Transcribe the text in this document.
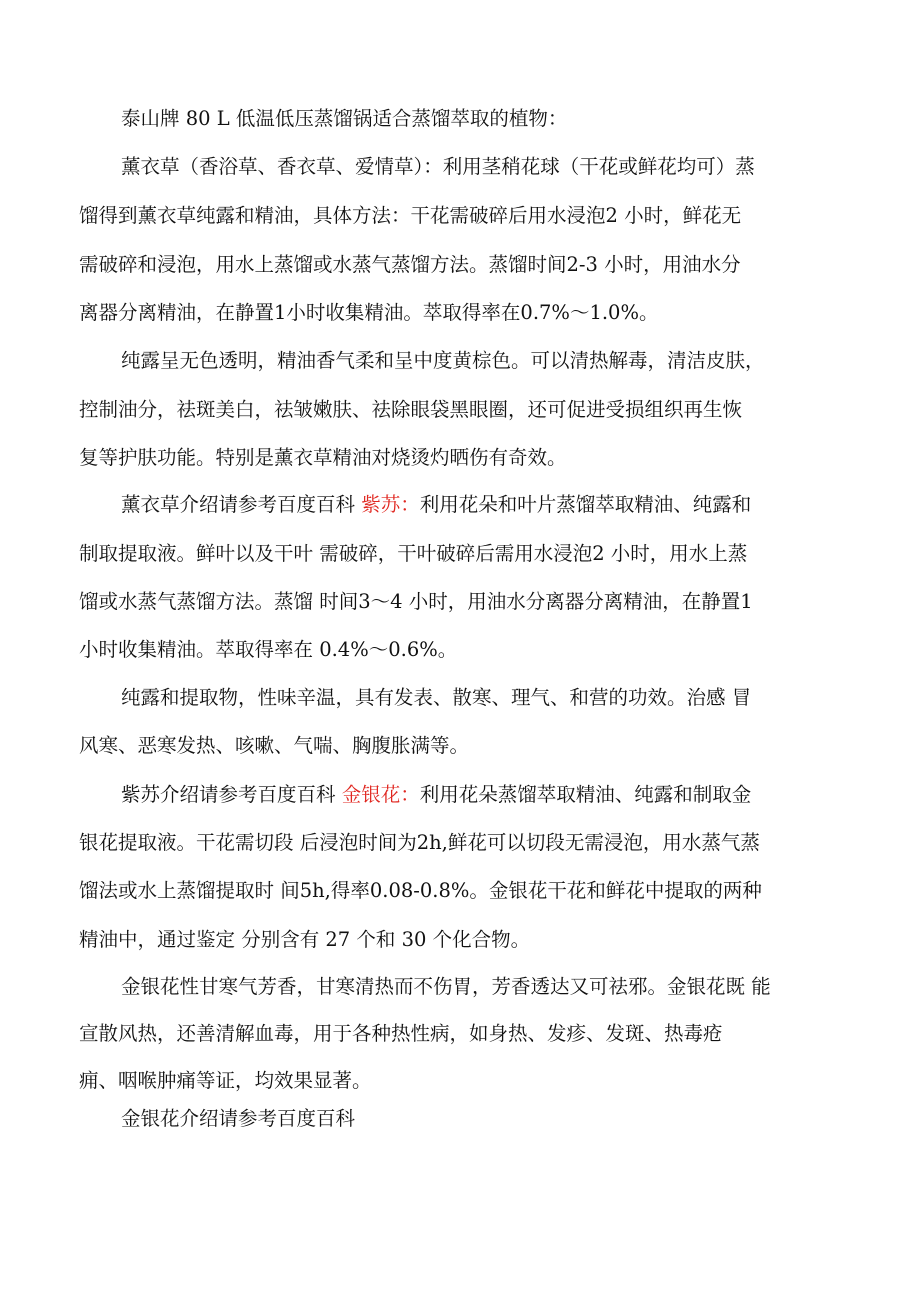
泰山牌 80 L 低温低压蒸馏锅适合蒸馏萃取的植物：
薰衣草（香浴草、香衣草、爱情草）：利用茎稍花球（干花或鲜花均可）蒸
馏得到薰衣草纯露和精油，具体方法：干花需破碎后用水浸泡2 小时，鲜花无
需破碎和浸泡，用水上蒸馏或水蒸气蒸馏方法。蒸馏时间2-3 小时，用油水分
离器分离精油，在静置1小时收集精油。萃取得率在0.7%～1.0%。
纯露呈无色透明，精油香气柔和呈中度黄棕色。可以清热解毒，清洁皮肤，
控制油分，祛斑美白，祛皱嫩肤、祛除眼袋黑眼圈，还可促进受损组织再生恢
复等护肤功能。特别是薰衣草精油对烧烫灼晒伤有奇效。
薰衣草介绍请参考百度百科 紫苏：利用花朵和叶片蒸馏萃取精油、纯露和
制取提取液。鲜叶以及干叶 需破碎，干叶破碎后需用水浸泡2 小时，用水上蒸
馏或水蒸气蒸馏方法。蒸馏 时间3～4 小时，用油水分离器分离精油，在静置1
小时收集精油。萃取得率在 0.4%～0.6%。
纯露和提取物，性味辛温，具有发表、散寒、理气、和营的功效。治感 冒
风寒、恶寒发热、咳嗽、气喘、胸腹胀满等。
紫苏介绍请参考百度百科 金银花：利用花朵蒸馏萃取精油、纯露和制取金
银花提取液。干花需切段 后浸泡时间为2h,鲜花可以切段无需浸泡，用水蒸气蒸
馏法或水上蒸馏提取时 间5h,得率0.08-0.8%。金银花干花和鲜花中提取的两种
精油中，通过鉴定 分别含有 27 个和 30 个化合物。
金银花性甘寒气芳香，甘寒清热而不伤胃，芳香透达又可祛邪。金银花既 能
宣散风热，还善清解血毒，用于各种热性病，如身热、发疹、发斑、热毒疮
痈、咽喉肿痛等证，均效果显著。
金银花介绍请参考百度百科
